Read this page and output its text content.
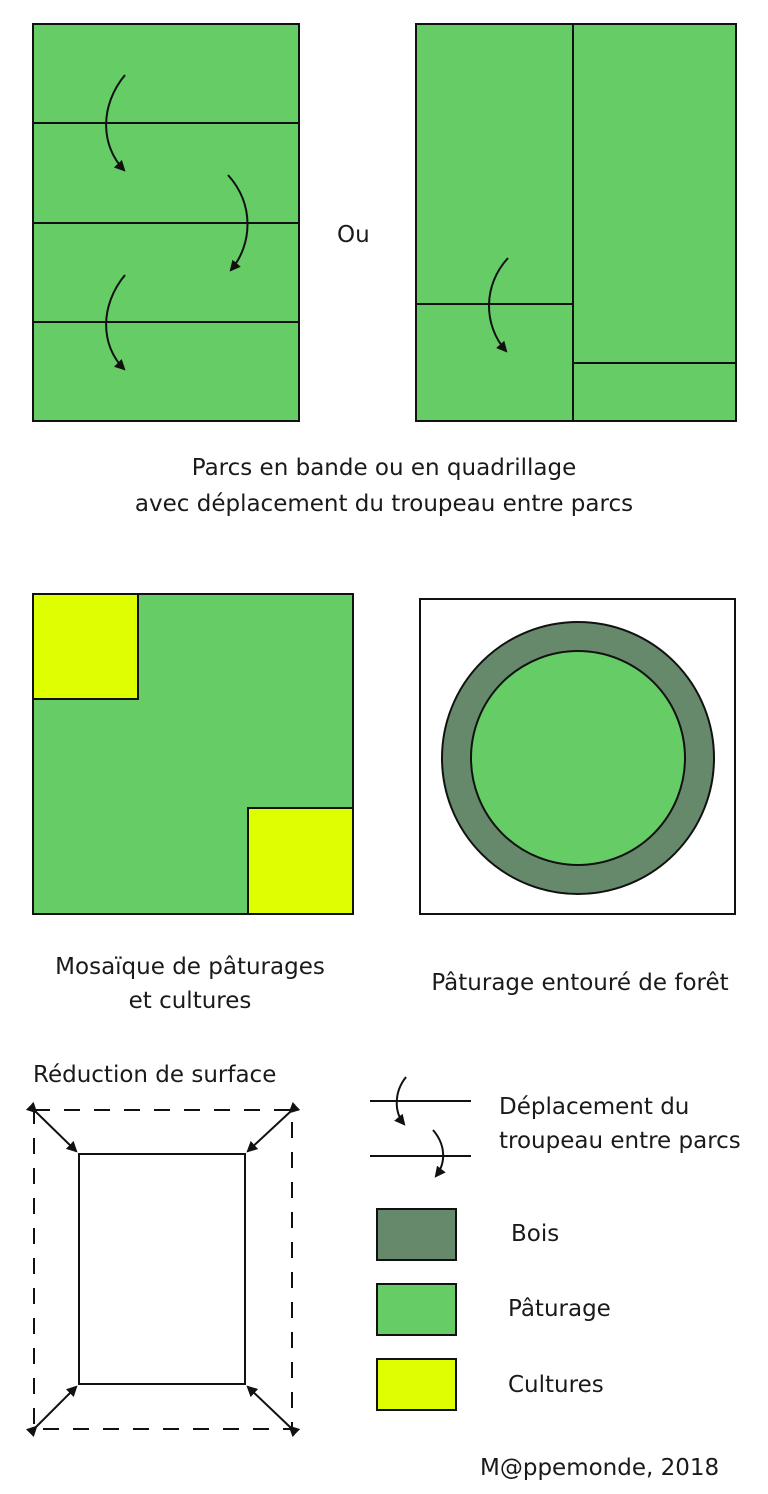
Ou
Parcs en bande ou en quadrillage
avec déplacement du troupeau entre parcs
Mosaïque de pâturages
et cultures
Pâturage entouré de forêt
Réduction de surface
Déplacement du
troupeau entre parcs
Bois
Pâturage
Cultures
M@ppemonde, 2018
